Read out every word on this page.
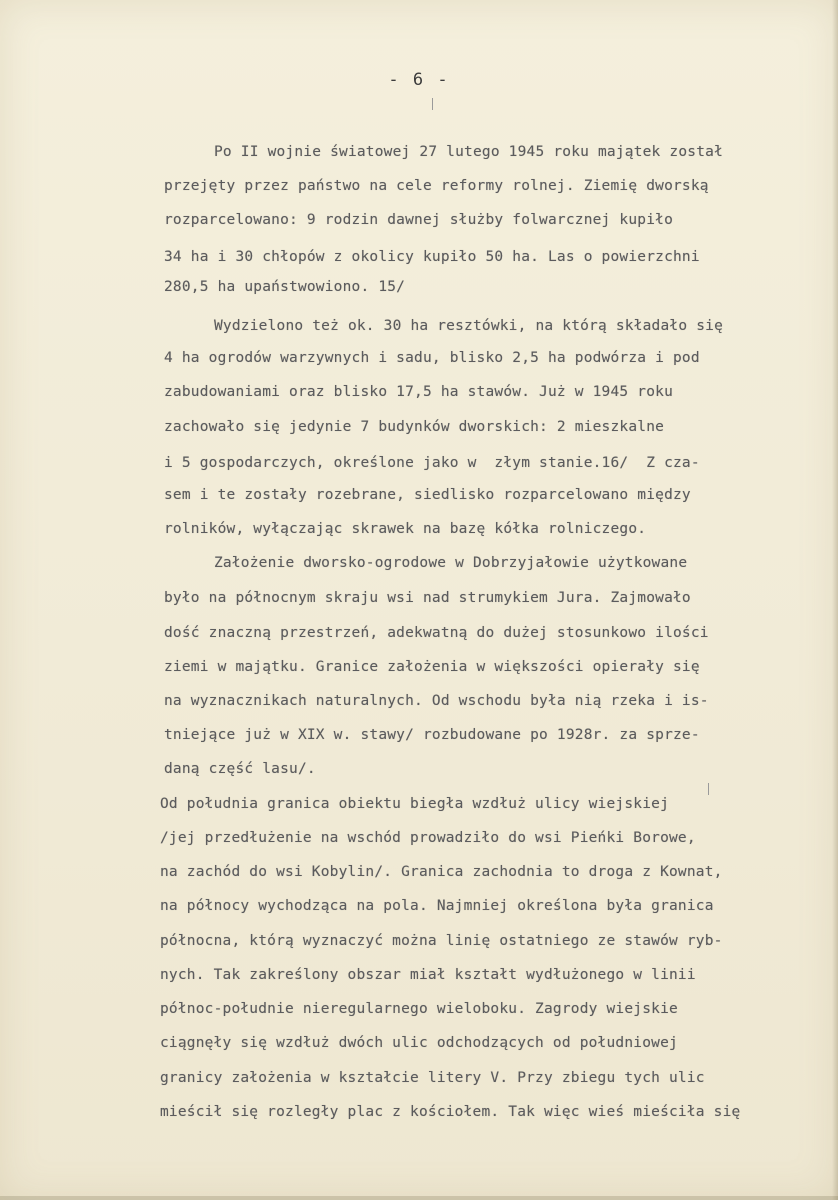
- 6 -
Po II wojnie światowej 27 lutego 1945 roku majątek został
przejęty przez państwo na cele reformy rolnej. Ziemię dworską
rozparcelowano: 9 rodzin dawnej służby folwarcznej kupiło
34 ha i 30 chłopów z okolicy kupiło 50 ha. Las o powierzchni
280,5 ha upaństwowiono. 15/
Wydzielono też ok. 30 ha resztówki, na którą składało się
4 ha ogrodów warzywnych i sadu, blisko 2,5 ha podwórza i pod
zabudowaniami oraz blisko 17,5 ha stawów. Już w 1945 roku
zachowało się jedynie 7 budynków dworskich: 2 mieszkalne
i 5 gospodarczych, określone jako w  złym stanie.16/  Z cza-
sem i te zostały rozebrane, siedlisko rozparcelowano między
rolników, wyłączając skrawek na bazę kółka rolniczego.
Założenie dworsko-ogrodowe w Dobrzyjałowie użytkowane
było na północnym skraju wsi nad strumykiem Jura. Zajmowało
dość znaczną przestrzeń, adekwatną do dużej stosunkowo ilości
ziemi w majątku. Granice założenia w większości opierały się
na wyznacznikach naturalnych. Od wschodu była nią rzeka i is-
tniejące już w XIX w. stawy/ rozbudowane po 1928r. za sprze-
daną część lasu/.
Od południa granica obiektu biegła wzdłuż ulicy wiejskiej
/jej przedłużenie na wschód prowadziło do wsi Pieńki Borowe,
na zachód do wsi Kobylin/. Granica zachodnia to droga z Kownat,
na północy wychodząca na pola. Najmniej określona była granica
północna, którą wyznaczyć można linię ostatniego ze stawów ryb-
nych. Tak zakreślony obszar miał kształt wydłużonego w linii
północ-południe nieregularnego wieloboku. Zagrody wiejskie
ciągnęły się wzdłuż dwóch ulic odchodzących od południowej
granicy założenia w kształcie litery V. Przy zbiegu tych ulic
mieścił się rozległy plac z kościołem. Tak więc wieś mieściła się
